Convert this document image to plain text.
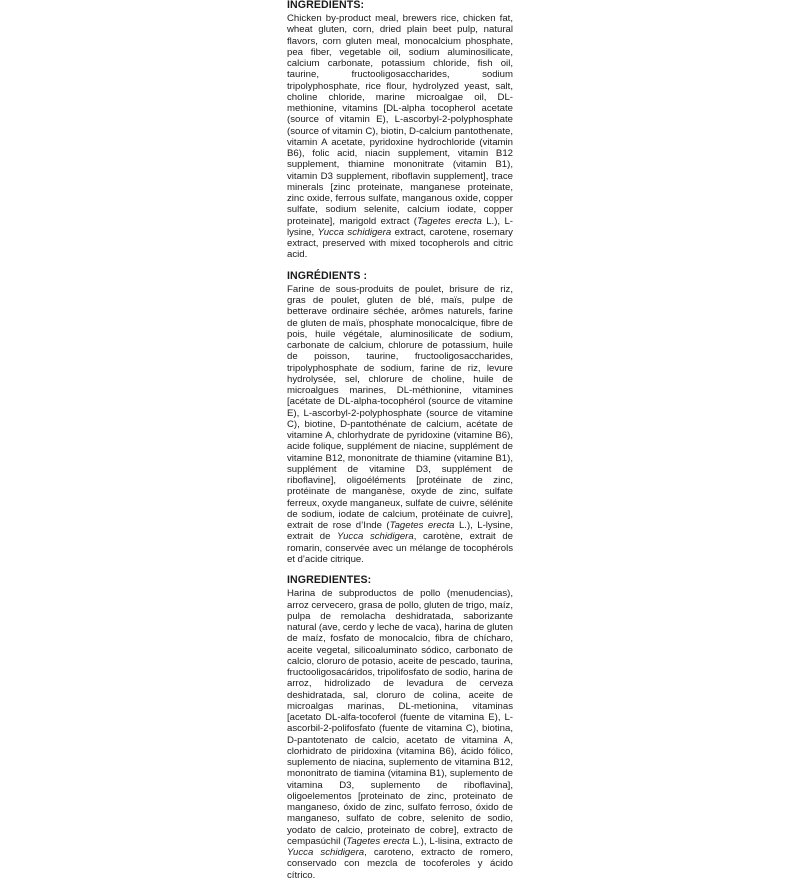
INGREDIENTS:

Chicken by-product meal, brewers rice, chicken fat, wheat gluten, corn, dried plain beet pulp, natural flavors, corn gluten meal, monocalcium phosphate, pea fiber, vegetable oil, sodium aluminosilicate, calcium carbonate, potassium chloride, fish oil, taurine, fructooligosaccharides, sodium tripolyphosphate, rice flour, hydrolyzed yeast, salt, choline chloride, marine microalgae oil, DL-methionine, vitamins [DL-alpha tocopherol acetate (source of vitamin E), L-ascorbyl-2-polyphosphate (source of vitamin C), biotin, D-calcium pantothenate, vitamin A acetate, pyridoxine hydrochloride (vitamin B6), folic acid, niacin supplement, vitamin B12 supplement, thiamine mononitrate (vitamin B1), vitamin D3 supplement, riboflavin supplement], trace minerals [zinc proteinate, manganese proteinate, zinc oxide, ferrous sulfate, manganous oxide, copper sulfate, sodium selenite, calcium iodate, copper proteinate], marigold extract (Tagetes erecta L.), L-lysine, Yucca schidigera extract, carotene, rosemary extract, preserved with mixed tocopherols and citric acid.

INGRÉDIENTS :

Farine de sous-produits de poulet, brisure de riz, gras de poulet, gluten de blé, maïs, pulpe de betterave ordinaire séchée, arômes naturels, farine de gluten de maïs, phosphate monocalcique, fibre de pois, huile végétale, aluminosilicate de sodium, carbonate de calcium, chlorure de potassium, huile de poisson, taurine, fructooligosaccharides, tripolyphosphate de sodium, farine de riz, levure hydrolysée, sel, chlorure de choline, huile de microalgues marines, DL-méthionine, vitamines [acétate de DL-alpha-tocophérol (source de vitamine E), L-ascorbyl-2-polyphosphate (source de vitamine C), biotine, D-pantothénate de calcium, acétate de vitamine A, chlorhydrate de pyridoxine (vitamine B6), acide folique, supplément de niacine, supplément de vitamine B12, mononitrate de thiamine (vitamine B1), supplément de vitamine D3, supplément de riboflavine], oligoéléments [protéinate de zinc, protéinate de manganèse, oxyde de zinc, sulfate ferreux, oxyde manganeux, sulfate de cuivre, sélénite de sodium, iodate de calcium, protéinate de cuivre], extrait de rose d’Inde (Tagetes erecta L.), L-lysine, extrait de Yucca schidigera, carotène, extrait de romarin, conservée avec un mélange de tocophérols et d’acide citrique.

INGREDIENTES:

Harina de subproductos de pollo (menudencias), arroz cervecero, grasa de pollo, gluten de trigo, maíz, pulpa de remolacha deshidratada, saborizante natural (ave, cerdo y leche de vaca), harina de gluten de maíz, fosfato de monocalcio, fibra de chícharo, aceite vegetal, silicoaluminato sódico, carbonato de calcio, cloruro de potasio, aceite de pescado, taurina, fructooligosacáridos, tripolifosfato de sodio, harina de arroz, hidrolizado de levadura de cerveza deshidratada, sal, cloruro de colina, aceite de microalgas marinas, DL-metionina, vitaminas [acetato DL-alfa-tocoferol (fuente de vitamina E), L-ascorbil-2-polifosfato (fuente de vitamina C), biotina, D-pantotenato de calcio, acetato de vitamina A, clorhidrato de piridoxina (vitamina B6), ácido fólico, suplemento de niacina, suplemento de vitamina B12, mononitrato de tiamina (vitamina B1), suplemento de vitamina D3, suplemento de riboflavina], oligoelementos [proteinato de zinc, proteinato de manganeso, óxido de zinc, sulfato ferroso, óxido de manganeso, sulfato de cobre, selenito de sodio, yodato de calcio, proteinato de cobre], extracto de cempasúchil (Tagetes erecta L.), L-lisina, extracto de Yucca schidigera, caroteno, extracto de romero, conservado con mezcla de tocoferoles y ácido cítrico.
